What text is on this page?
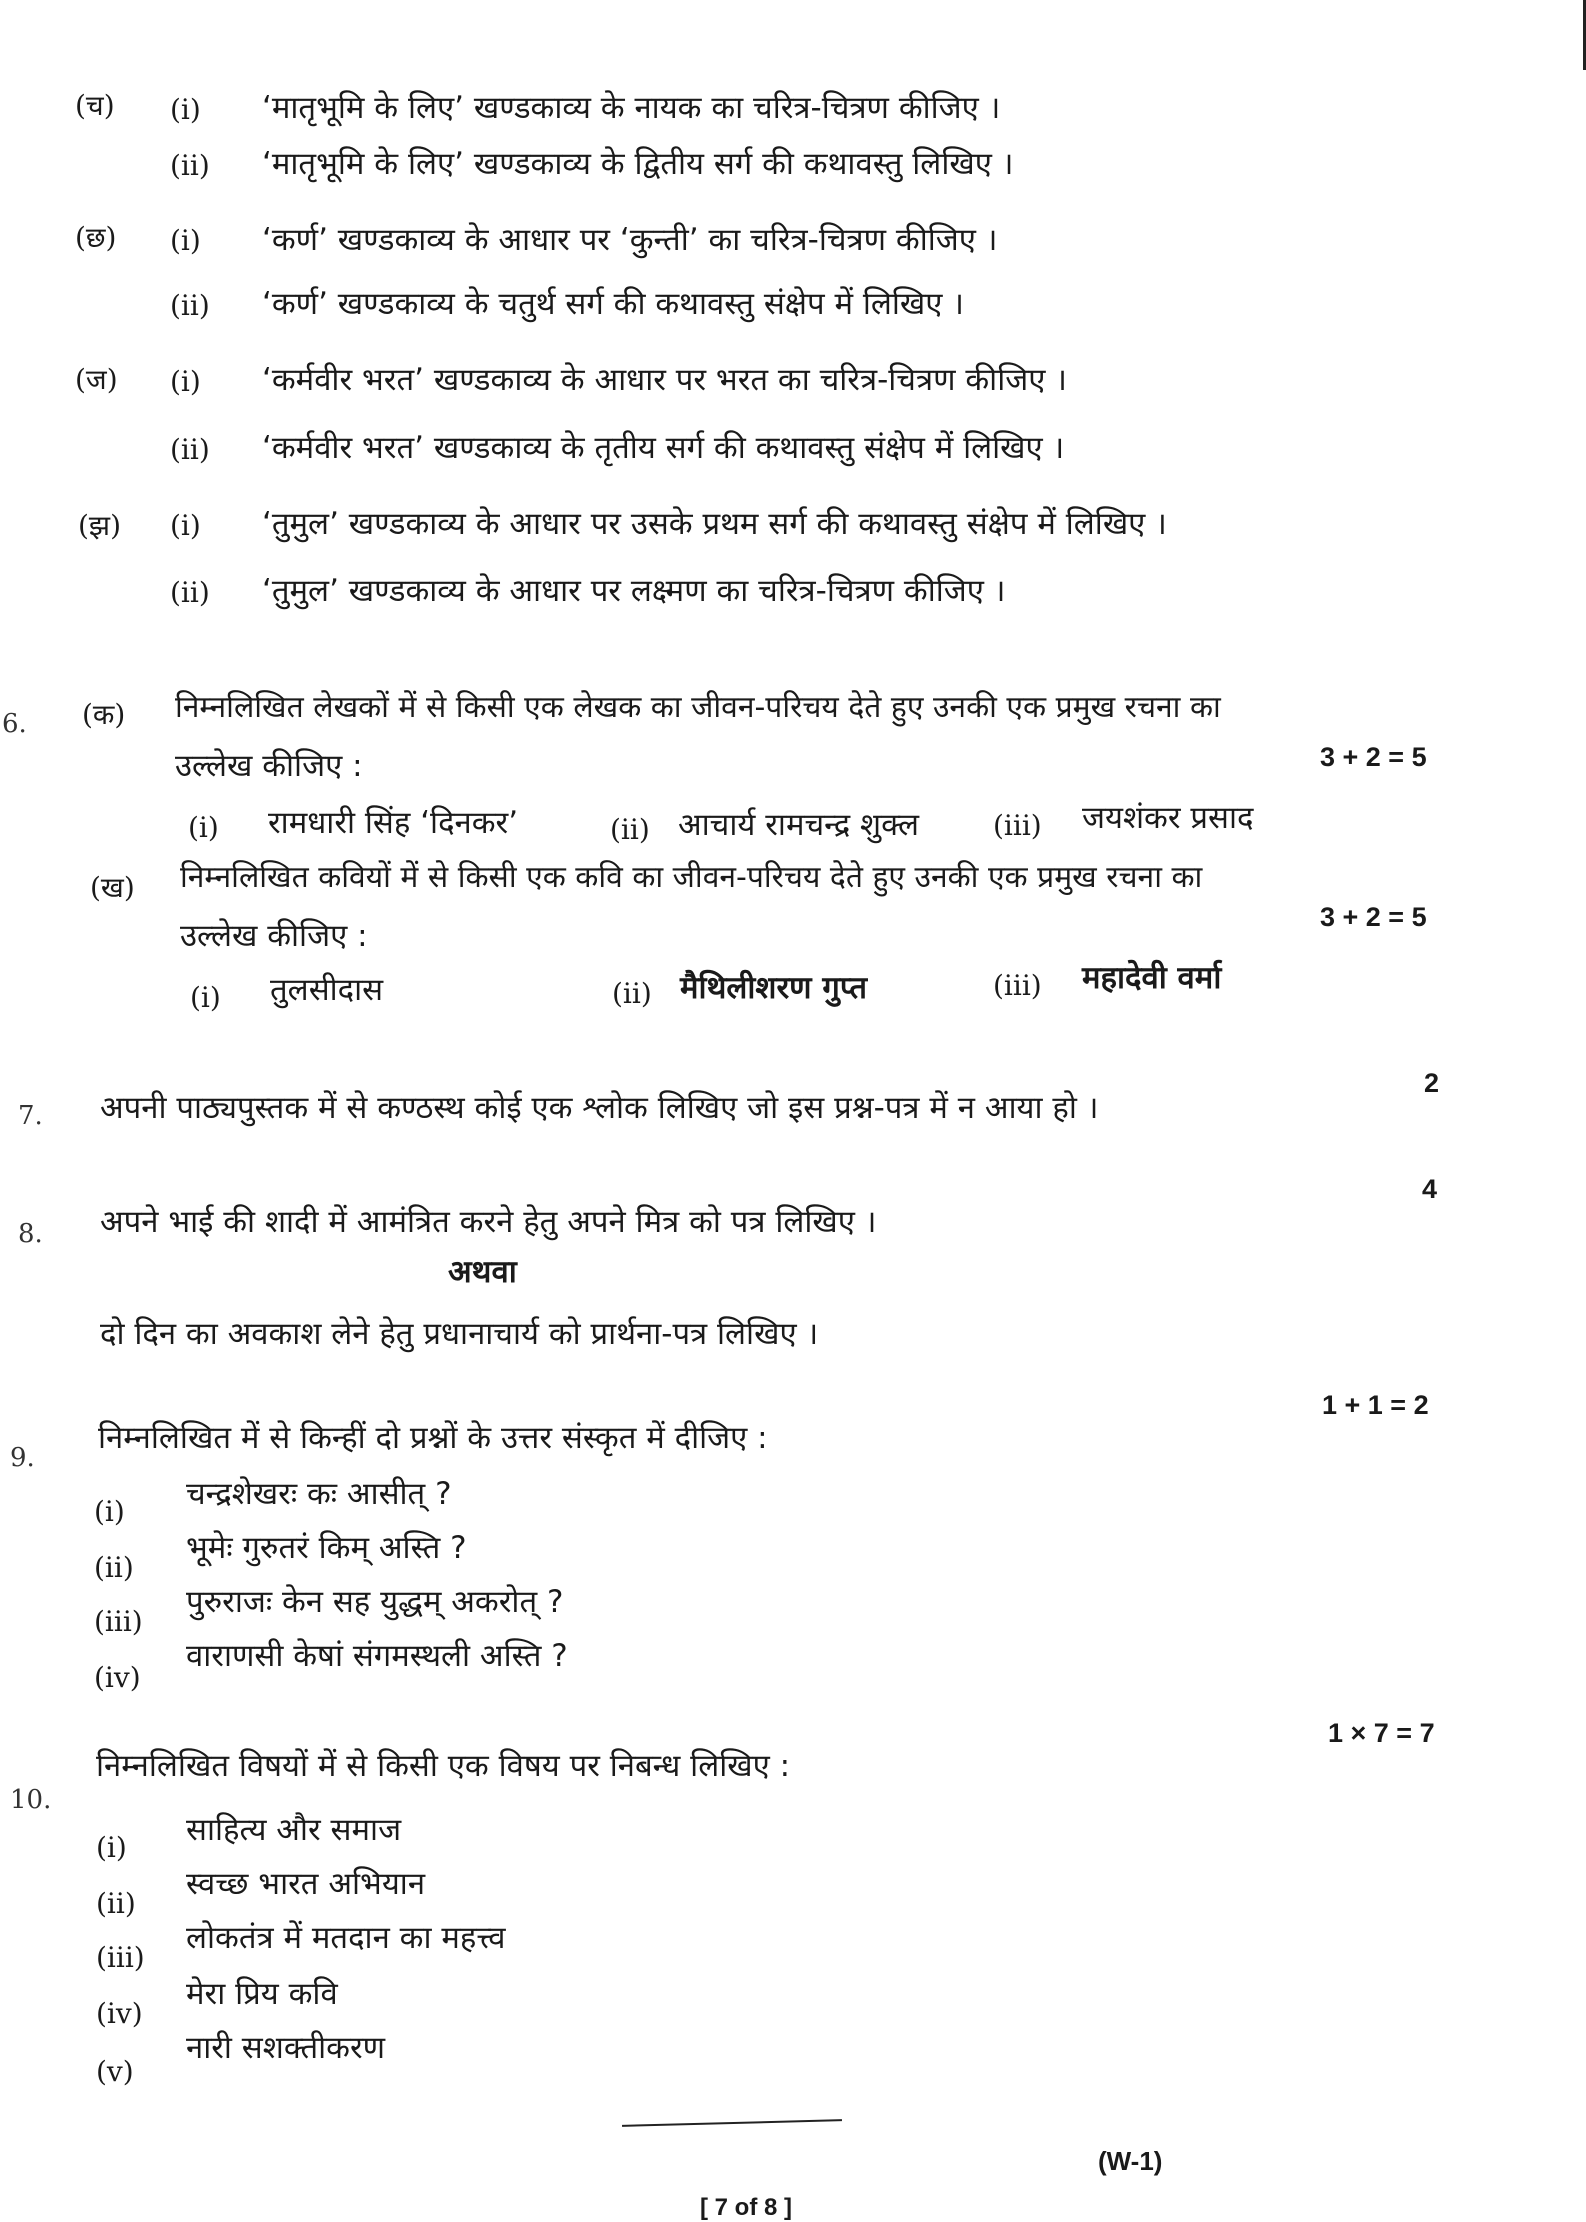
(च) (i) ‘मातृभूमि के लिए’ खण्डकाव्य के नायक का चरित्र-चित्रण कीजिए ।
(ii) ‘मातृभूमि के लिए’ खण्डकाव्य के द्वितीय सर्ग की कथावस्तु लिखिए ।
(छ) (i) ‘कर्ण’ खण्डकाव्य के आधार पर ‘कुन्ती’ का चरित्र-चित्रण कीजिए ।
(ii) ‘कर्ण’ खण्डकाव्य के चतुर्थ सर्ग की कथावस्तु संक्षेप में लिखिए ।
(ज) (i) ‘कर्मवीर भरत’ खण्डकाव्य के आधार पर भरत का चरित्र-चित्रण कीजिए ।
(ii) ‘कर्मवीर भरत’ खण्डकाव्य के तृतीय सर्ग की कथावस्तु संक्षेप में लिखिए ।
(झ) (i) ‘तुमुल’ खण्डकाव्य के आधार पर उसके प्रथम सर्ग की कथावस्तु संक्षेप में लिखिए ।
(ii) ‘तुमुल’ खण्डकाव्य के आधार पर लक्ष्मण का चरित्र-चित्रण कीजिए ।
6. (क) निम्नलिखित लेखकों में से किसी एक लेखक का जीवन-परिचय देते हुए उनकी एक प्रमुख रचना का
उल्लेख कीजिए :	3 + 2 = 5
(i) रामधारी सिंह ‘दिनकर’	(ii) आचार्य रामचन्द्र शुक्ल	(iii) जयशंकर प्रसाद
(ख) निम्नलिखित कवियों में से किसी एक कवि का जीवन-परिचय देते हुए उनकी एक प्रमुख रचना का
उल्लेख कीजिए :
3 + 2 = 5
(i) तुलसीदास	(ii) मैथिलीशरण गुप्त	(iii) महादेवी वर्मा
7. अपनी पाठ्यपुस्तक में से कण्ठस्थ कोई एक श्लोक लिखिए जो इस प्रश्न-पत्र में न आया हो ।
2
8. अपने भाई की शादी में आमंत्रित करने हेतु अपने मित्र को पत्र लिखिए ।
4
अथवा
दो दिन का अवकाश लेने हेतु प्रधानाचार्य को प्रार्थना-पत्र लिखिए ।
9.
निम्नलिखित में से किन्हीं दो प्रश्नों के उत्तर संस्कृत में दीजिए :
1 + 1 = 2
(i) चन्द्रशेखरः कः आसीत् ?
(ii)
भूमेः गुरुतरं किम् अस्ति ?
(iii)
पुरुराजः केन सह युद्धम् अकरोत् ?
(iv)
वाराणसी केषां संगमस्थली अस्ति ?
10.
निम्नलिखित विषयों में से किसी एक विषय पर निबन्ध लिखिए :
1 × 7 = 7
(i) साहित्य और समाज
(ii)
स्वच्छ भारत अभियान
(iii)
लोकतंत्र में मतदान का महत्त्व
(iv)
मेरा प्रिय कवि
(v)
नारी सशक्तीकरण
(W-1)
[ 7 of 8 ]
